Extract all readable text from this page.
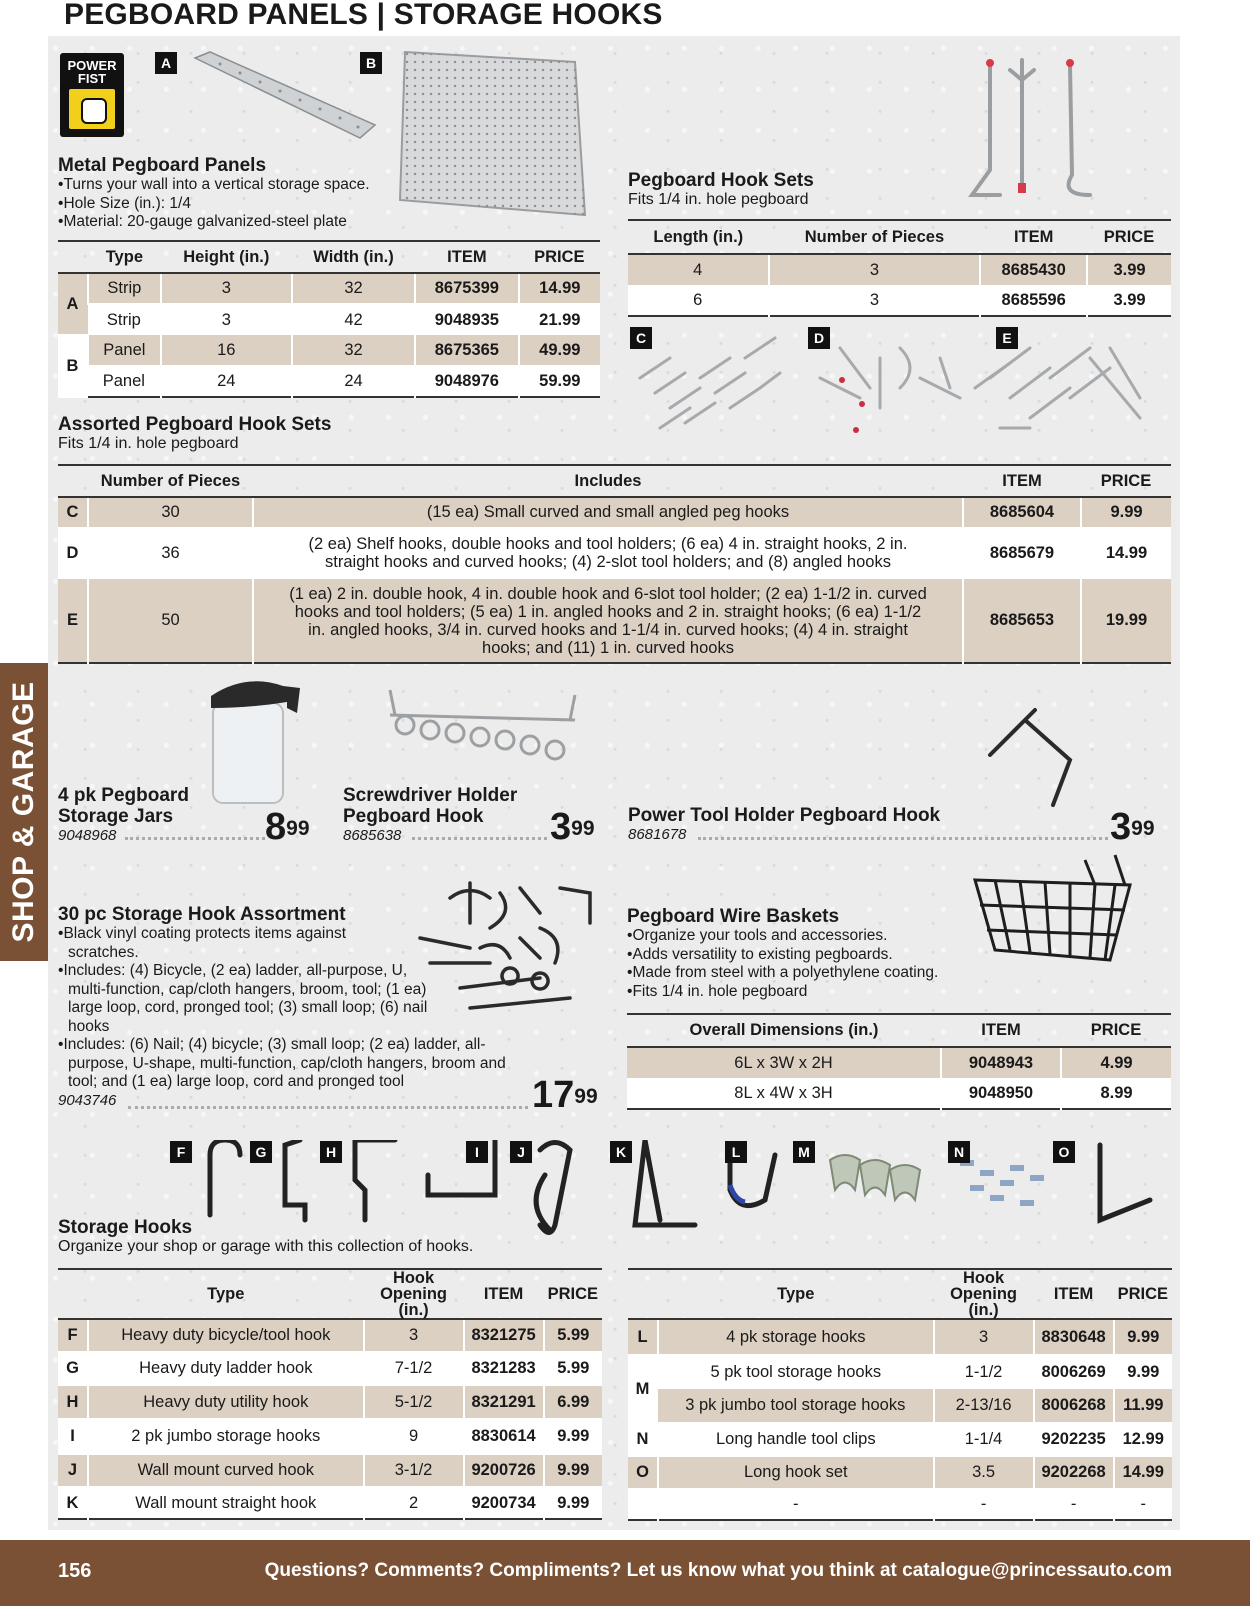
PEGBOARD PANELS | STORAGE HOOKS
SHOP & GARAGE
POWER
FIST
A	B
C	D	E
F	G	H	I	J	K	L	M	N	O
Metal Pegboard Panels
• Turns your wall into a vertical storage space.
• Hole Size (in.): 1/4
• Material: 20-gauge galvanized-steel plate
	Type	Height (in.)	Width (in.)	ITEM	PRICE
A	Strip	3	32	8675399	14.99
	Strip	3	42	9048935	21.99
B	Panel	16	32	8675365	49.99
	Panel	24	24	9048976	59.99
Pegboard Hook Sets
Fits 1/4 in. hole pegboard
Length (in.)	Number of Pieces	ITEM	PRICE
4	3	8685430	3.99
6	3	8685596	3.99
Assorted Pegboard Hook Sets
Fits 1/4 in. hole pegboard
	Number of Pieces	Includes	ITEM	PRICE
C	30	(15 ea) Small curved and small angled peg hooks	8685604	9.99
D	36	(2 ea) Shelf hooks, double hooks and tool holders; (6 ea) 4 in. straight hooks, 2 in. straight hooks and curved hooks; (4) 2-slot tool holders; and (8) angled hooks	8685679	14.99
E	50	(1 ea) 2 in. double hook, 4 in. double hook and 6-slot tool holder; (2 ea) 1-1/2 in. curved hooks and tool holders; (5 ea) 1 in. angled hooks and 2 in. straight hooks; (6 ea) 1-1/2 in. angled hooks, 3/4 in. curved hooks and 1-1/4 in. curved hooks; (4) 4 in. straight hooks; and (11) 1 in. curved hooks	8685653	19.99
4 pk Pegboard
Storage Jars
9048968	$8^{99}$
Screwdriver Holder
Pegboard Hook
8685638	$3^{99}$
Power Tool Holder Pegboard Hook
8681678	$3^{99}$
30 pc Storage Hook Assortment
• Black vinyl coating protects items against scratches.
• Includes: (4) Bicycle, (2 ea) ladder, all-purpose, U, multi-function, cap/cloth hangers, broom, tool; (1 ea) large loop, cord, pronged tool; (3) small loop; (6) nail hooks
• Includes: (6) Nail; (4) bicycle; (3) small loop; (2 ea) ladder, all-purpose, U-shape, multi-function, cap/cloth hangers, broom and tool; and (1 ea) large loop, cord and pronged tool
9043746	$17^{99}$
Pegboard Wire Baskets
• Organize your tools and accessories.
• Adds versatility to existing pegboards.
• Made from steel with a polyethylene coating.
• Fits 1/4 in. hole pegboard
Overall Dimensions (in.)	ITEM	PRICE
6L x 3W x 2H	9048943	4.99
8L x 4W x 3H	9048950	8.99
Storage Hooks
Organize your shop or garage with this collection of hooks.
	Type	Hook Opening (in.)	ITEM	PRICE
F	Heavy duty bicycle/tool hook	3	8321275	5.99
G	Heavy duty ladder hook	7-1/2	8321283	5.99
H	Heavy duty utility hook	5-1/2	8321291	6.99
I	2 pk jumbo storage hooks	9	8830614	9.99
J	Wall mount curved hook	3-1/2	9200726	9.99
K	Wall mount straight hook	2	9200734	9.99
	Type	Hook Opening (in.)	ITEM	PRICE
L	4 pk storage hooks	3	8830648	9.99
M	5 pk tool storage hooks	1-1/2	8006269	9.99
	3 pk jumbo tool storage hooks	2-13/16	8006268	11.99
N	Long handle tool clips	1-1/4	9202235	12.99
O	Long hook set	3.5	9202268	14.99
	-	-	-	-
156	Questions? Comments? Compliments? Let us know what you think at catalogue@princessauto.com
